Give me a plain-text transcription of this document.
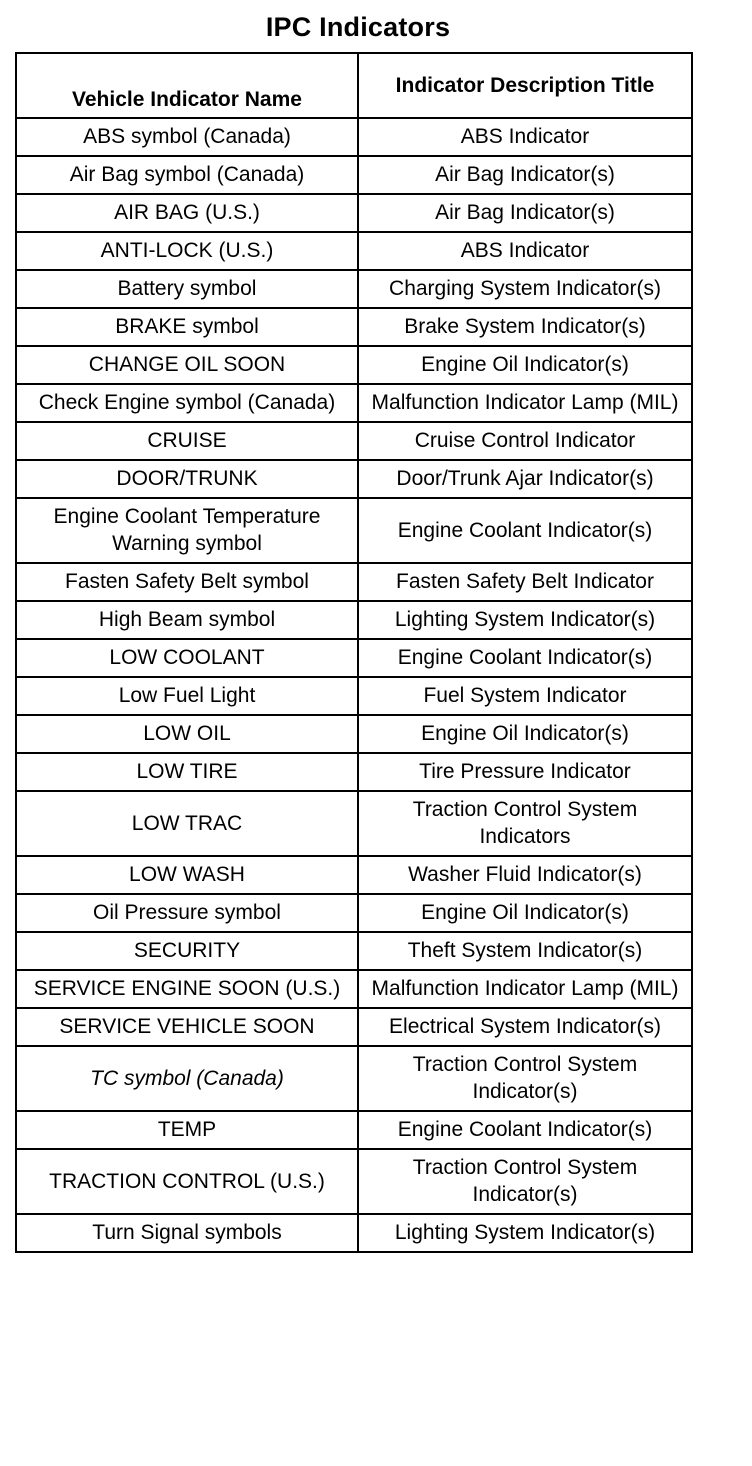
IPC Indicators
Vehicle Indicator Name	Indicator Description Title
ABS symbol (Canada)	ABS Indicator
Air Bag symbol (Canada)	Air Bag Indicator(s)
AIR BAG (U.S.)	Air Bag Indicator(s)
ANTI-LOCK (U.S.)	ABS Indicator
Battery symbol	Charging System Indicator(s)
BRAKE symbol	Brake System Indicator(s)
CHANGE OIL SOON	Engine Oil Indicator(s)
Check Engine symbol (Canada)	Malfunction Indicator Lamp (MIL)
CRUISE	Cruise Control Indicator
DOOR/TRUNK	Door/Trunk Ajar Indicator(s)
Engine Coolant Temperature Warning symbol	Engine Coolant Indicator(s)
Fasten Safety Belt symbol	Fasten Safety Belt Indicator
High Beam symbol	Lighting System Indicator(s)
LOW COOLANT	Engine Coolant Indicator(s)
Low Fuel Light	Fuel System Indicator
LOW OIL	Engine Oil Indicator(s)
LOW TIRE	Tire Pressure Indicator
LOW TRAC	Traction Control System Indicators
LOW WASH	Washer Fluid Indicator(s)
Oil Pressure symbol	Engine Oil Indicator(s)
SECURITY	Theft System Indicator(s)
SERVICE ENGINE SOON (U.S.)	Malfunction Indicator Lamp (MIL)
SERVICE VEHICLE SOON	Electrical System Indicator(s)
TC symbol (Canada)	Traction Control System Indicator(s)
TEMP	Engine Coolant Indicator(s)
TRACTION CONTROL (U.S.)	Traction Control System Indicator(s)
Turn Signal symbols	Lighting System Indicator(s)
